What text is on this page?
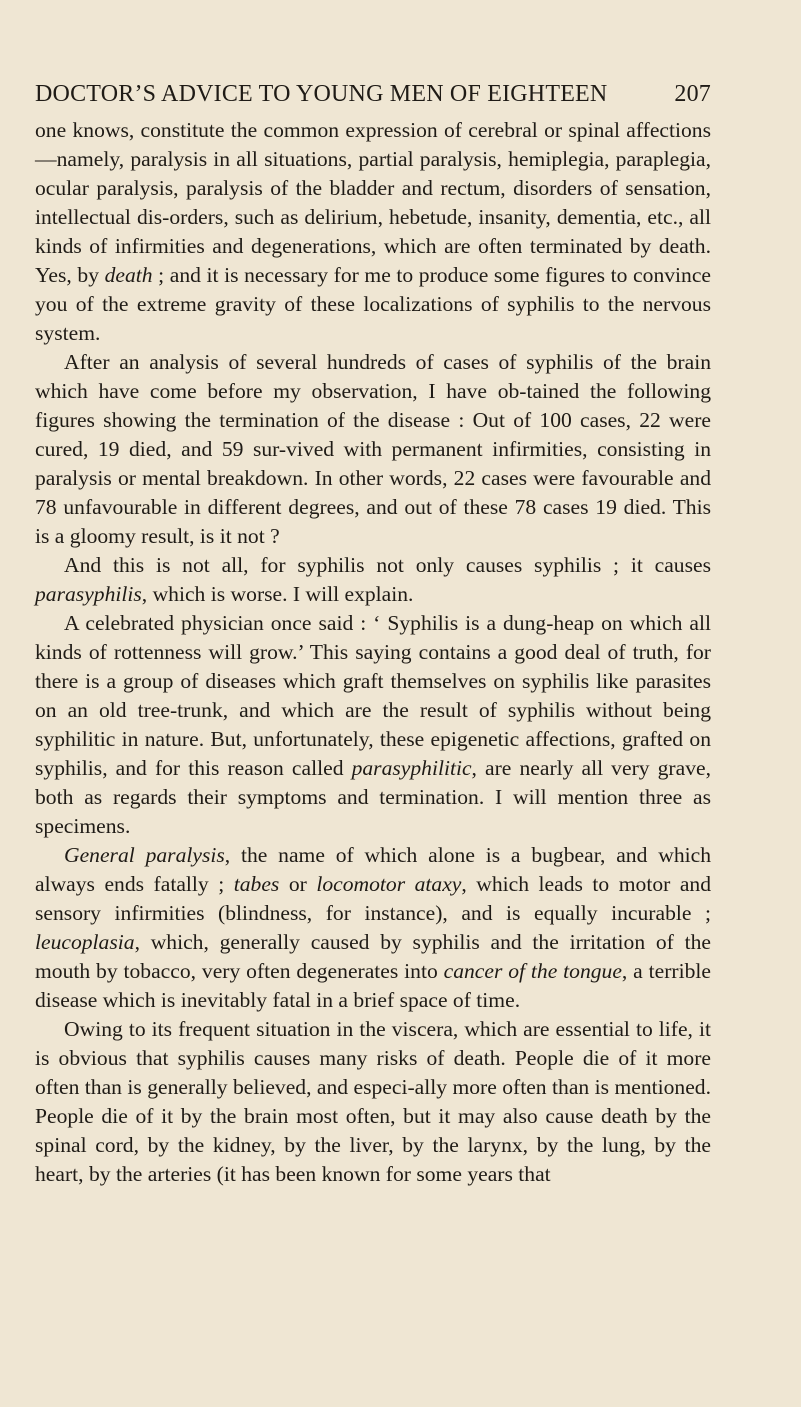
DOCTOR’S ADVICE TO YOUNG MEN OF EIGHTEEN	207

one knows, constitute the common expression of cerebral or spinal affections—namely, paralysis in all situations, partial paralysis, hemiplegia, paraplegia, ocular paralysis, paralysis of the bladder and rectum, disorders of sensation, intellectual dis-orders, such as delirium, hebetude, insanity, dementia, etc., all kinds of infirmities and degenerations, which are often terminated by death. Yes, by death ; and it is necessary for me to produce some figures to convince you of the extreme gravity of these localizations of syphilis to the nervous system.

After an analysis of several hundreds of cases of syphilis of the brain which have come before my observation, I have ob-tained the following figures showing the termination of the disease : Out of 100 cases, 22 were cured, 19 died, and 59 sur-vived with permanent infirmities, consisting in paralysis or mental breakdown. In other words, 22 cases were favourable and 78 unfavourable in different degrees, and out of these 78 cases 19 died. This is a gloomy result, is it not ?

And this is not all, for syphilis not only causes syphilis ; it causes parasyphilis, which is worse. I will explain.

A celebrated physician once said : ‘ Syphilis is a dung-heap on which all kinds of rottenness will grow.’ This saying contains a good deal of truth, for there is a group of diseases which graft themselves on syphilis like parasites on an old tree-trunk, and which are the result of syphilis without being syphilitic in nature. But, unfortunately, these epigenetic affections, grafted on syphilis, and for this reason called parasyphilitic, are nearly all very grave, both as regards their symptoms and termination. I will mention three as specimens.

General paralysis, the name of which alone is a bugbear, and which always ends fatally ; tabes or locomotor ataxy, which leads to motor and sensory infirmities (blindness, for instance), and is equally incurable ; leucoplasia, which, generally caused by syphilis and the irritation of the mouth by tobacco, very often degenerates into cancer of the tongue, a terrible disease which is inevitably fatal in a brief space of time.

Owing to its frequent situation in the viscera, which are essential to life, it is obvious that syphilis causes many risks of death. People die of it more often than is generally believed, and especi-ally more often than is mentioned. People die of it by the brain most often, but it may also cause death by the spinal cord, by the kidney, by the liver, by the larynx, by the lung, by the heart, by the arteries (it has been known for some years that
